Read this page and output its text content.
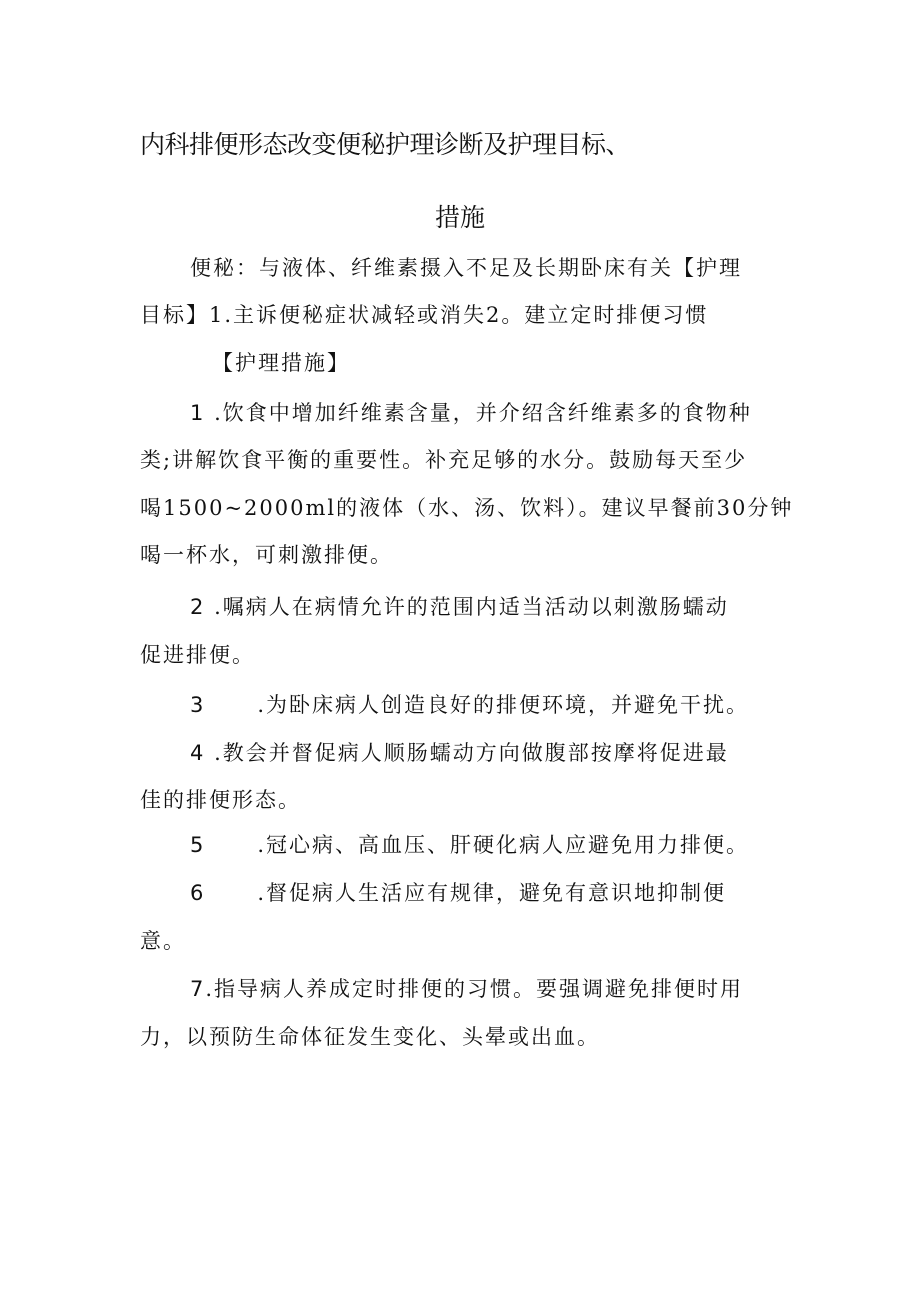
内科排便形态改变便秘护理诊断及护理目标、
措施
便秘：与液体、纤维素摄入不足及长期卧床有关【护理
目标】1.主诉便秘症状减轻或消失2。建立定时排便习惯
【护理措施】
1 .饮食中增加纤维素含量，并介绍含纤维素多的食物种
类;讲解饮食平衡的重要性。补充足够的水分。鼓励每天至少
喝1500~2000ml的液体（水、汤、饮料）。建议早餐前30分钟
喝一杯水，可刺激排便。
2 .嘱病人在病情允许的范围内适当活动以刺激肠蠕动
促进排便。
3 .为卧床病人创造良好的排便环境，并避免干扰。
4 .教会并督促病人顺肠蠕动方向做腹部按摩将促进最
佳的排便形态。
5 .冠心病、高血压、肝硬化病人应避免用力排便。
6 .督促病人生活应有规律，避免有意识地抑制便
意。
7.指导病人养成定时排便的习惯。要强调避免排便时用
力，以预防生命体征发生变化、头晕或出血。
